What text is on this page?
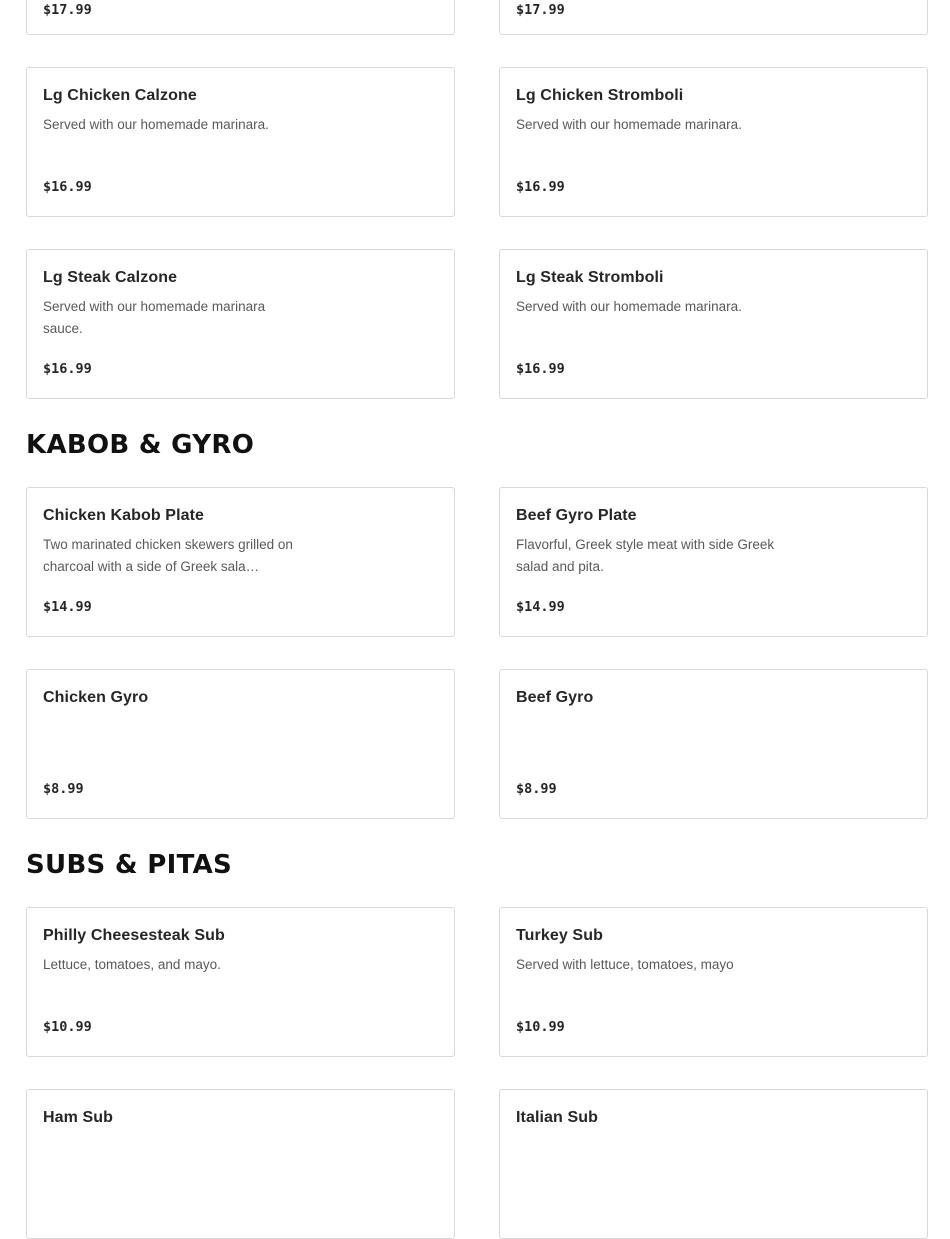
$17.99	$17.99
Lg Chicken Calzone
Served with our homemade marinara.
$16.99
Lg Chicken Stromboli
Served with our homemade marinara.
$16.99
Lg Steak Calzone
Served with our homemade marinara sauce.
$16.99
Lg Steak Stromboli
Served with our homemade marinara.
$16.99
KABOB & GYRO
Chicken Kabob Plate
Two marinated chicken skewers grilled on charcoal with a side of Greek sala…
$14.99
Beef Gyro Plate
Flavorful, Greek style meat with side Greek salad and pita.
$14.99
Chicken Gyro
$8.99
Beef Gyro
$8.99
SUBS & PITAS
Philly Cheesesteak Sub
Lettuce, tomatoes, and mayo.
$10.99
Turkey Sub
Served with lettuce, tomatoes, mayo
$10.99
Ham Sub	Italian Sub
